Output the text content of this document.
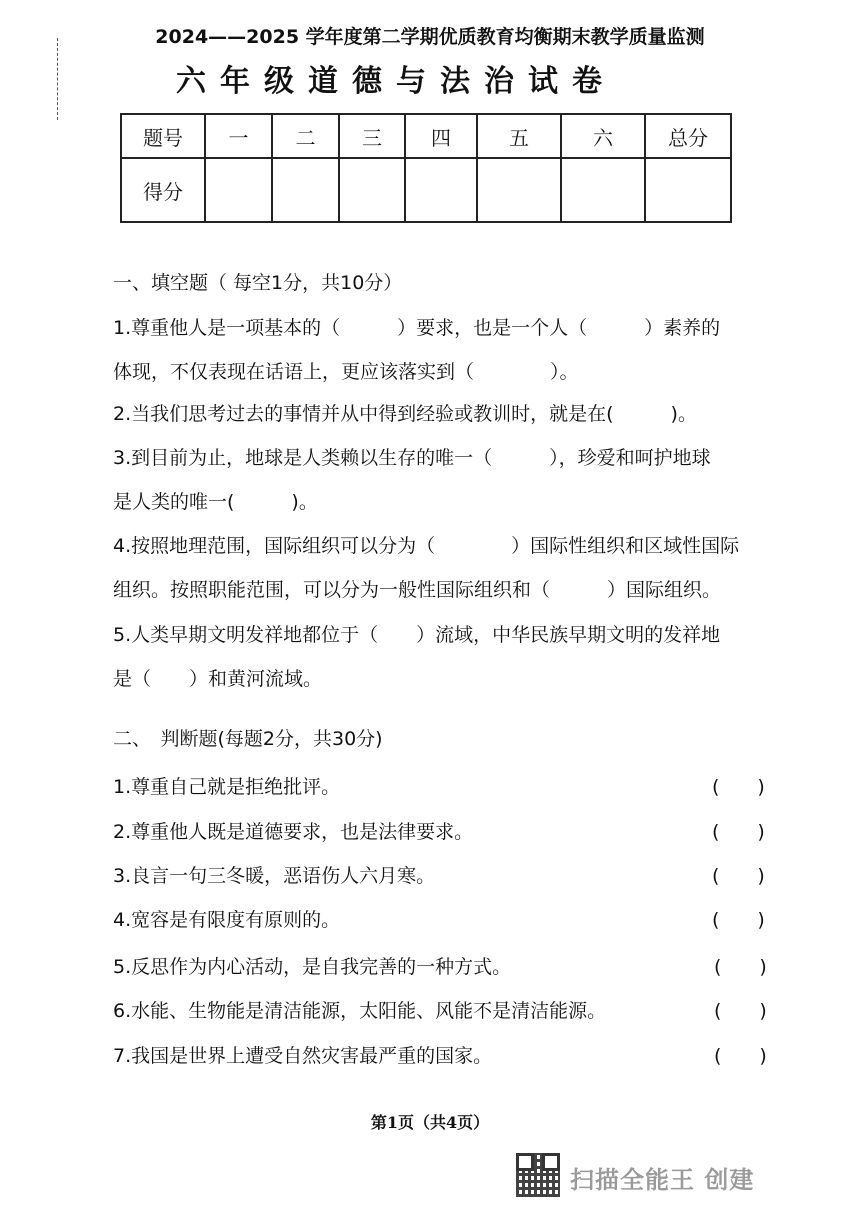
2024——2025 学年度第二学期优质教育均衡期末教学质量监测
六年级道德与法治试卷
题号	一	二	三	四	五	六	总分
得分							
一、填空题（ 每空1分，共10分）
1.尊重他人是一项基本的（　　　）要求，也是一个人（　　　）素养的
体现，不仅表现在话语上，更应该落实到（　　　　）。
2.当我们思考过去的事情并从中得到经验或教训时，就是在(　　　)。
3.到目前为止，地球是人类赖以生存的唯一（　　　），珍爱和呵护地球
是人类的唯一(　　　)。
4.按照地理范围，国际组织可以分为（　　　　）国际性组织和区域性国际
组织。按照职能范围，可以分为一般性国际组织和（　　　）国际组织。
5.人类早期文明发祥地都位于（　　）流域，中华民族早期文明的发祥地
是（　　）和黄河流域。
二、　判断题(每题2分，共30分)
1.尊重自己就是拒绝批评。	(　　)
2.尊重他人既是道德要求，也是法律要求。	(　　)
3.良言一句三冬暖，恶语伤人六月寒。	(　　)
4.宽容是有限度有原则的。	(　　)
5.反思作为内心活动，是自我完善的一种方式。	(　　)
6.水能、生物能是清洁能源，太阳能、风能不是清洁能源。	(　　)
7.我国是世界上遭受自然灾害最严重的国家。	(　　)
第1页（共4页）
扫描全能王 创建
